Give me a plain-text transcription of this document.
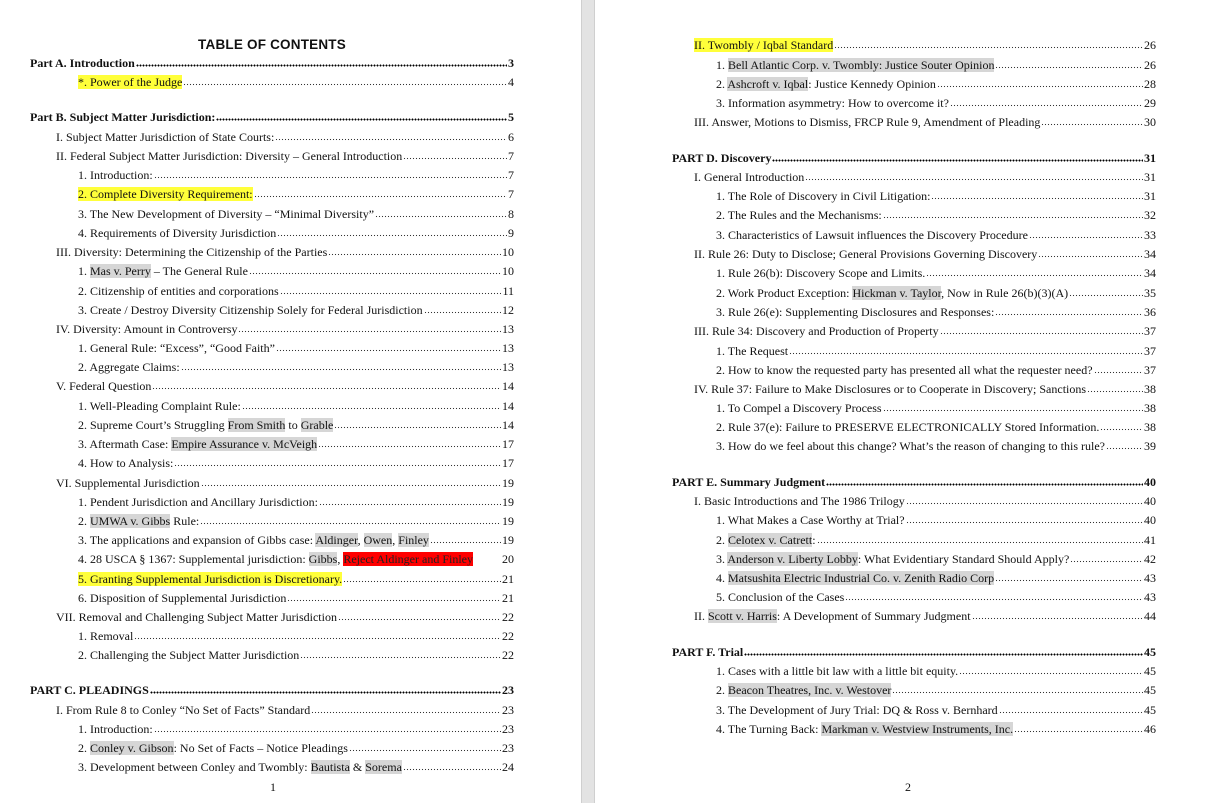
TABLE OF CONTENTS
Part A. Introduction	3
*. Power of the Judge	4
Part B. Subject Matter Jurisdiction:	5
I. Subject Matter Jurisdiction of State Courts:	6
II. Federal Subject Matter Jurisdiction: Diversity – General Introduction	7
1. Introduction:	7
2. Complete Diversity Requirement:	7
3. The New Development of Diversity – “Minimal Diversity”	8
4. Requirements of Diversity Jurisdiction	9
III. Diversity: Determining the Citizenship of the Parties	10
1. Mas v. Perry – The General Rule	10
2. Citizenship of entities and corporations	11
3. Create / Destroy Diversity Citizenship Solely for Federal Jurisdiction	12
IV. Diversity: Amount in Controversy	13
1. General Rule: “Excess”, “Good Faith”	13
2. Aggregate Claims:	13
V. Federal Question	14
1. Well-Pleading Complaint Rule:	14
2. Supreme Court’s Struggling From Smith to Grable	14
3. Aftermath Case: Empire Assurance v. McVeigh	17
4. How to Analysis:	17
VI. Supplemental Jurisdiction	19
1. Pendent Jurisdiction and Ancillary Jurisdiction:	19
2. UMWA v. Gibbs Rule:	19
3. The applications and expansion of Gibbs case: Aldinger, Owen, Finley	19
4. 28 USCA § 1367: Supplemental jurisdiction: Gibbs, Reject Aldinger and Finley 20
5. Granting Supplemental Jurisdiction is Discretionary.	21
6. Disposition of Supplemental Jurisdiction	21
VII. Removal and Challenging Subject Matter Jurisdiction	22
1. Removal	22
2. Challenging the Subject Matter Jurisdiction	22
PART C. PLEADINGS	23
I. From Rule 8 to Conley “No Set of Facts” Standard	23
1. Introduction:	23
2. Conley v. Gibson: No Set of Facts – Notice Pleadings	23
3. Development between Conley and Twombly: Bautista & Sorema	24
1
II. Twombly / Iqbal Standard	26
1. Bell Atlantic Corp. v. Twombly: Justice Souter Opinion	26
2. Ashcroft v. Iqbal: Justice Kennedy Opinion	28
3. Information asymmetry: How to overcome it?	29
III. Answer, Motions to Dismiss, FRCP Rule 9, Amendment of Pleading	30
PART D. Discovery	31
I. General Introduction	31
1. The Role of Discovery in Civil Litigation:	31
2. The Rules and the Mechanisms:	32
3. Characteristics of Lawsuit influences the Discovery Procedure	33
II. Rule 26: Duty to Disclose; General Provisions Governing Discovery	34
1. Rule 26(b): Discovery Scope and Limits.	34
2. Work Product Exception: Hickman v. Taylor, Now in Rule 26(b)(3)(A)	35
3. Rule 26(e): Supplementing Disclosures and Responses:	36
III. Rule 34: Discovery and Production of Property	37
1. The Request	37
2. How to know the requested party has presented all what the requester need?	37
IV. Rule 37: Failure to Make Disclosures or to Cooperate in Discovery; Sanctions	38
1. To Compel a Discovery Process	38
2. Rule 37(e): Failure to PRESERVE ELECTRONICALLY Stored Information.	38
3. How do we feel about this change? What’s the reason of changing to this rule?	39
PART E. Summary Judgment	40
I. Basic Introductions and The 1986 Trilogy	40
1. What Makes a Case Worthy at Trial?	40
2. Celotex v. Catrett:	41
3. Anderson v. Liberty Lobby: What Evidentiary Standard Should Apply?	42
4. Matsushita Electric Industrial Co. v. Zenith Radio Corp	43
5. Conclusion of the Cases	43
II. Scott v. Harris: A Development of Summary Judgment	44
PART F. Trial	45
1. Cases with a little bit law with a little bit equity.	45
2. Beacon Theatres, Inc. v. Westover	45
3. The Development of Jury Trial: DQ & Ross v. Bernhard	45
4. The Turning Back: Markman v. Westview Instruments, Inc.	46
2
